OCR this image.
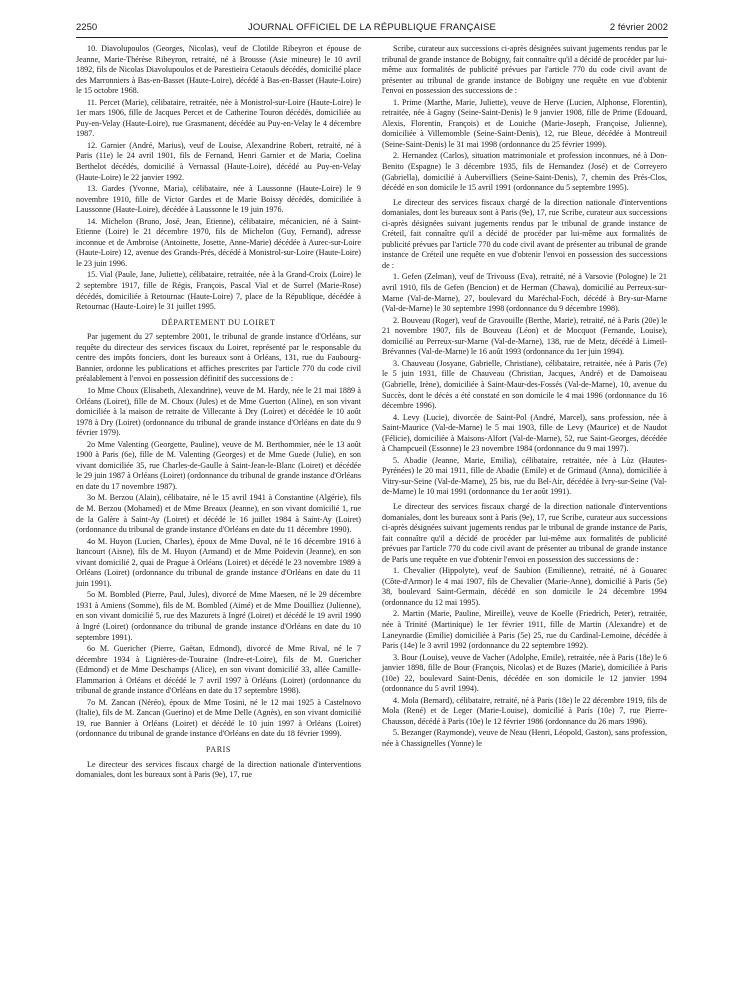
2250	JOURNAL OFFICIEL DE LA RÉPUBLIQUE FRANÇAISE	2 février 2002

10. Diavolupoulos (Georges, Nicolas), veuf de Clotilde Ribeyron et épouse de Jeanne, Marie-Thérèse Ribeyron, retraité, né à Brousse (Asie mineure) le 10 avril 1892, fils de Nicolas Diavolupoulos et de Parestieira Cetaouls décédés, domicilié place des Marronniers à Bas-en-Basset (Haute-Loire), décédé à Bas-en-Basset (Haute-Loire) le 15 octobre 1968.

11. Percet (Marie), célibataire, retraitée, née à Monistrol-sur-Loire (Haute-Loire) le 1er mars 1906, fille de Jacques Percet et de Catherine Touron décédés, domiciliée au Puy-en-Velay (Haute-Loire), rue Grasmanent, décédée au Puy-en-Velay le 4 décembre 1987.

12. Garnier (André, Marius), veuf de Louise, Alexandrine Robert, retraité, né à Paris (11e) le 24 avril 1901, fils de Fernand, Henri Garnier et de Maria, Coelina Berthelot décédés, domicilié à Vernassal (Haute-Loire), décédé au Puy-en-Velay (Haute-Loire) le 22 janvier 1992.

13. Gardes (Yvonne, Maria), célibataire, née à Laussonne (Haute-Loire) le 9 novembre 1910, fille de Victor Gardes et de Marie Boissy décédés, domiciliée à Laussonne (Haute-Loire), décédée à Laussonne le 19 juin 1976.

14. Michelon (Bruno, José, Jean, Etienne), célibataire, mécanicien, né à Saint-Etienne (Loire) le 21 décembre 1970, fils de Michelon (Guy, Fernand), adresse inconnue et de Ambroise (Antoinette, Josette, Anne-Marie) décédée à Aurec-sur-Loire (Haute-Loire) 12, avenue des Grands-Prés, décédé à Monistrol-sur-Loire (Haute-Loire) le 23 juin 1996.

15. Vial (Paule, Jane, Juliette), célibataire, retraitée, née à la Grand-Croix (Loire) le 2 septembre 1917, fille de Régis, François, Pascal Vial et de Surrel (Marie-Rose) décédés, domiciliée à Retournac (Haute-Loire) 7, place de la République, décédée à Retournac (Haute-Loire) le 31 juillet 1995.

DÉPARTEMENT DU LOIRET

Par jugement du 27 septembre 2001, le tribunal de grande instance d'Orléans, sur requête du directeur des services fiscaux du Loiret, représenté par le responsable du centre des impôts fonciers, dont les bureaux sont à Orléans, 131, rue du Faubourg-Bannier, ordonne les publications et affiches prescrites par l'article 770 du code civil préalablement à l'envoi en possession définitif des successions de :

1o Mme Choux (Elisabeth, Alexandrine), veuve de M. Hardy, née le 21 mai 1889 à Orléans (Loiret), fille de M. Choux (Jules) et de Mme Guerton (Aline), en son vivant domiciliée à la maison de retraite de Villecante à Dry (Loiret) et décédée le 10 août 1978 à Dry (Loiret) (ordonnance du tribunal de grande instance d'Orléans en date du 9 février 1979).

2o Mme Valenting (Georgette, Pauline), veuve de M. Berthommier, née le 13 août 1900 à Paris (6e), fille de M. Valenting (Georges) et de Mme Guede (Julie), en son vivant domiciliée 35, rue Charles-de-Gaulle à Saint-Jean-le-Blanc (Loiret) et décédée le 29 juin 1987 à Orléans (Loiret) (ordonnance du tribunal de grande instance d'Orléans en date du 17 novembre 1987).

3o M. Berzou (Alain), célibataire, né le 15 avril 1941 à Constantine (Algérie), fils de M. Berzou (Mohamed) et de Mme Breaux (Jeanne), en son vivant domicilié 1, rue de la Galère à Saint-Ay (Loiret) et décédé le 16 juillet 1984 à Saint-Ay (Loiret) (ordonnance du tribunal de grande instance d'Orléans en date du 11 décembre 1990).

4o M. Huyon (Lucien, Charles), époux de Mme Duval, né le 16 décembre 1916 à Itancourt (Aisne), fils de M. Huyon (Armand) et de Mme Poidevin (Jeanne), en son vivant domicilié 2, quai de Prague à Orléans (Loiret) et décédé le 23 novembre 1989 à Orléans (Loiret) (ordonnance du tribunal de grande instance d'Orléans en date du 11 juin 1991).

5o M. Bombled (Pierre, Paul, Jules), divorcé de Mme Maesen, né le 29 décembre 1931 à Amiens (Somme), fils de M. Bombled (Aimé) et de Mme Douilliez (Julienne), en son vivant domicilié 5, rue des Mazurets à Ingré (Loiret) et décédé le 19 avril 1990 à Ingré (Loiret) (ordonnance du tribunal de grande instance d'Orléans en date du 10 septembre 1991).

6o M. Guericher (Pierre, Gaëtan, Edmond), divorcé de Mme Rival, né le 7 décembre 1934 à Lignières-de-Touraine (Indre-et-Loire), fils de M. Guericher (Edmond) et de Mme Deschamps (Alice), en son vivant domicilié 33, allée Camille-Flammarion à Orléans et décédé le 7 avril 1997 à Orléans (Loiret) (ordonnance du tribunal de grande instance d'Orléans en date du 17 septembre 1998).

7o M. Zancan (Néréo), époux de Mme Tosini, né le 12 mai 1925 à Castelnovo (Italie), fils de M. Zancan (Guerino) et de Mme Delle (Agnès), en son vivant domicilié 19, rue Bannier à Orléans (Loiret) et décédé le 10 juin 1997 à Orléans (Loiret) (ordonnance du tribunal de grande instance d'Orléans en date du 18 février 1999).

PARIS

Le directeur des services fiscaux chargé de la direction nationale d'interventions domaniales, dont les bureaux sont à Paris (9e), 17, rue

Scribe, curateur aux successions ci-après désignées suivant jugements rendus par le tribunal de grande instance de Bobigny, fait connaître qu'il a décidé de procéder par lui-même aux formalités de publicité prévues par l'article 770 du code civil avant de présenter au tribunal de grande instance de Bobigny une requête en vue d'obtenir l'envoi en possession des successions de :

1. Prime (Marthe, Marie, Juliette), veuve de Herve (Lucien, Alphonse, Florentin), retraitée, née à Gagny (Seine-Saint-Denis) le 9 janvier 1908, fille de Prime (Edouard, Alexis, Florentin, François) et de Louiche (Marie-Joseph, Françoise, Julienne), domiciliée à Villemomble (Seine-Saint-Denis), 12, rue Bleue, décédée à Montreuil (Seine-Saint-Denis) le 31 mai 1998 (ordonnance du 25 février 1999).

2. Hernandez (Carlos), situation matrimoniale et profession inconnues, né à Don-Benito (Espagne) le 3 décembre 1935, fils de Hernandez (José) et de Correyero (Gabriella), domicilié à Aubervilliers (Seine-Saint-Denis), 7, chemin des Prés-Clos, décédé en son domicile le 15 avril 1991 (ordonnance du 5 septembre 1995).

Le directeur des services fiscaux chargé de la direction nationale d'interventions domaniales, dont les bureaux sont à Paris (9e), 17, rue Scribe, curateur aux successions ci-après désignées suivant jugements rendus par le tribunal de grande instance de Créteil, fait connaître qu'il a décidé de procéder par lui-même aux formalités de publicité prévues par l'article 770 du code civil avant de présenter au tribunal de grande instance de Créteil une requête en vue d'obtenir l'envoi en possession des successions de :

1. Gefen (Zelman), veuf de Trivouss (Eva), retraité, né à Varsovie (Pologne) le 21 avril 1910, fils de Gefen (Bencion) et de Herman (Chawa), domicilié au Perreux-sur-Marne (Val-de-Marne), 27, boulevard du Maréchal-Foch, décédé à Bry-sur-Marne (Val-de-Marne) le 30 septembre 1998 (ordonnance du 9 décembre 1998).

2. Bouveau (Roger), veuf de Gravouille (Berthe, Marie), retraité, né à Paris (20e) le 21 novembre 1907, fils de Bouveau (Léon) et de Mocquot (Fernande, Louise), domicilié au Perreux-sur-Marne (Val-de-Marne), 138, rue de Metz, décédé à Limeil-Brévannes (Val-de-Marne) le 16 août 1993 (ordonnance du 1er juin 1994).

3. Chauveau (Josyane, Gabrielle, Christiane), célibataire, retraitée, née à Paris (7e) le 5 juin 1931, fille de Chauveau (Christian, Jacques, André) et de Damoiseau (Gabrielle, Irène), domiciliée à Saint-Maur-des-Fossés (Val-de-Marne), 10, avenue du Succès, dont le décès a été constaté en son domicile le 4 mai 1996 (ordonnance du 16 décembre 1996).

4. Levy (Lucie), divorcée de Saint-Pol (André, Marcel), sans profession, née à Saint-Maurice (Val-de-Marne) le 5 mai 1903, fille de Levy (Maurice) et de Naudot (Félicie), domiciliée à Maisons-Alfort (Val-de-Marne), 52, rue Saint-Georges, décédée à Champcueil (Essonne) le 23 novembre 1984 (ordonnance du 9 mai 1997).

5. Abadie (Jeanne, Marie, Emilia), célibataire, retraitée, née à Lùz (Hautes-Pyrénées) le 20 mai 1911, fille de Abadie (Emile) et de Grimaud (Anna), domiciliée à Vitry-sur-Seine (Val-de-Marne), 25 bis, rue du Bel-Air, décédée à Ivry-sur-Seine (Val-de-Marne) le 10 mai 1991 (ordonnance du 1er août 1991).

Le directeur des services fiscaux chargé de la direction nationale d'interventions domaniales, dont les bureaux sont à Paris (9e), 17, rue Scribe, curateur aux successions ci-après désignées suivant jugements rendus par le tribunal de grande instance de Paris, fait connaître qu'il a décidé de procéder par lui-même aux formalités de publicité prévues par l'article 770 du code civil avant de présenter au tribunal de grande instance de Paris une requête en vue d'obtenir l'envoi en possession des successions de :

1. Chevalier (Hippolyte), veuf de Saubion (Emilienne), retraité, né à Gouarec (Côte-d'Armor) le 4 mai 1907, fils de Chevalier (Marie-Anne), domicilié à Paris (5e) 38, boulevard Saint-Germain, décédé en son domicile le 24 décembre 1994 (ordonnance du 12 mai 1995).

2. Martin (Marie, Pauline, Mireille), veuve de Koelle (Friedrich, Peter), retraitée, née à Trinité (Martinique) le 1er février 1911, fille de Martin (Alexandre) et de Laneynardie (Emilie) domiciliée à Paris (5e) 25, rue du Cardinal-Lemoine, décédée à Paris (14e) le 3 avril 1992 (ordonnance du 22 septembre 1992).

3. Bour (Louise), veuve de Vacher (Adolphe, Emile), retraitée, née à Paris (18e) le 6 janvier 1898, fille de Bour (François, Nicolas) et de Buzes (Marie), domiciliée à Paris (10e) 22, boulevard Saint-Denis, décédée en son domicile le 12 janvier 1994 (ordonnance du 5 avril 1994).

4. Mola (Bernard), célibataire, retraité, né à Paris (18e) le 22 décembre 1919, fils de Mola (René) et de Leger (Marie-Louise), domicilié à Paris (10e) 7, rue Pierre-Chausson, décédé à Paris (10e) le 12 février 1986 (ordonnance du 26 mars 1996).

5. Bezanger (Raymonde), veuve de Neau (Henri, Léopold, Gaston), sans profession, née à Chassignelles (Yonne) le
